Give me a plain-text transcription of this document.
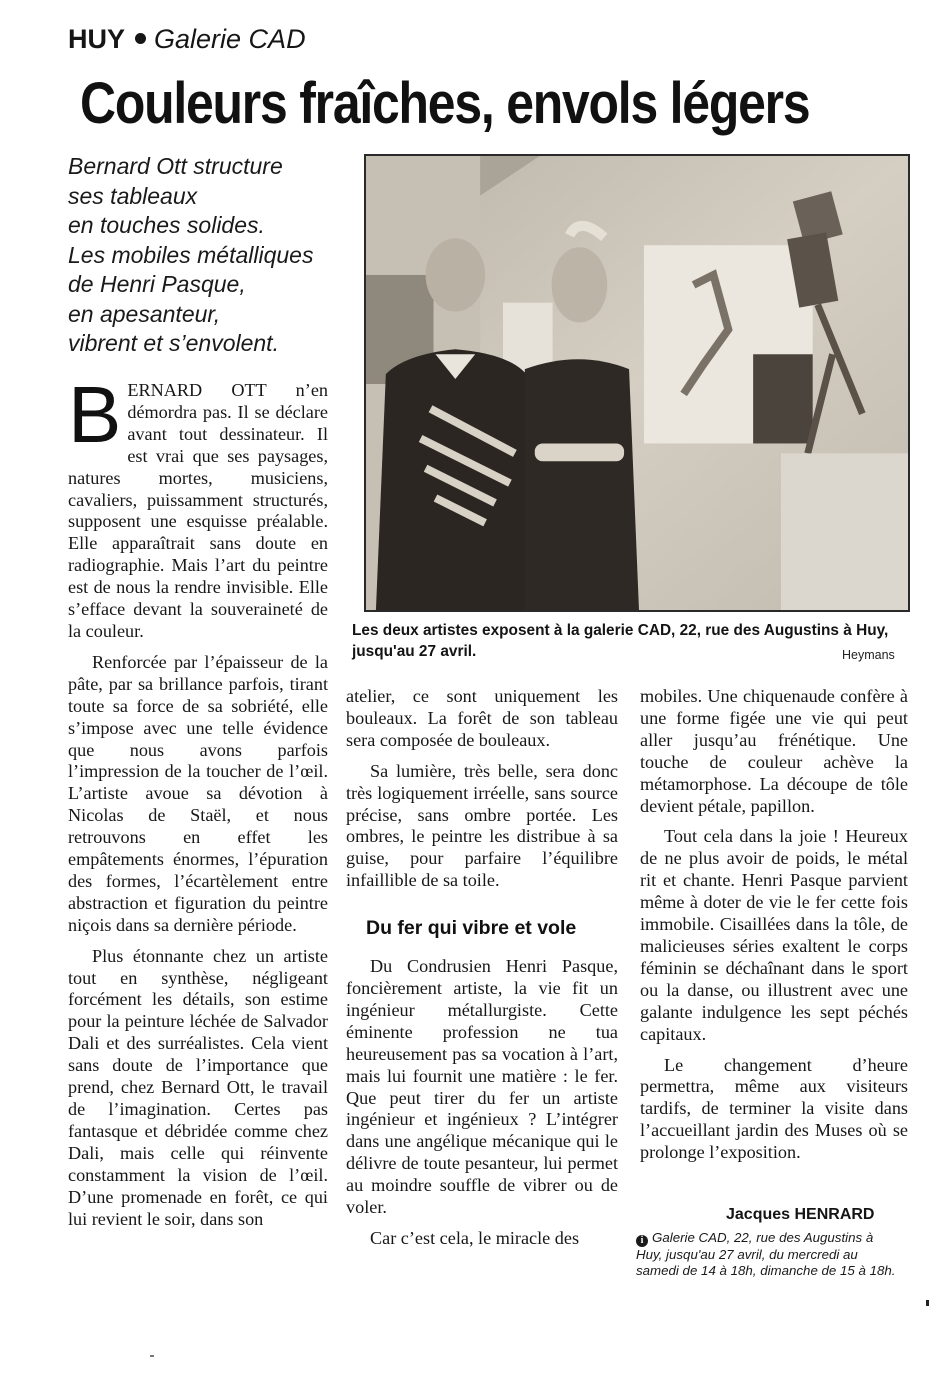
HUY Galerie CAD
Couleurs fraîches, envols légers
Bernard Ott structure
ses tableaux
en touches solides.
Les mobiles métalliques
de Henri Pasque,
en apesanteur,
vibrent et s’envolent.
Les deux artistes exposent à la galerie CAD, 22, rue des Augustins à Huy, jusqu'au 27 avril.	Heymans

BERNARD OTT n’en démordra pas. Il se déclare avant tout dessinateur. Il est vrai que ses paysages, natures mortes, musiciens, cavaliers, puissamment structurés, supposent une esquisse préalable. Elle apparaîtrait sans doute en radiographie. Mais l’art du peintre est de nous la rendre invisible. Elle s’efface devant la souveraineté de la couleur.

Renforcée par l’épaisseur de la pâte, par sa brillance parfois, tirant toute sa force de sa sobriété, elle s’impose avec une telle évidence que nous avons parfois l’impression de la toucher de l’œil. L’artiste avoue sa dévotion à Nicolas de Staël, et nous retrouvons en effet les empâtements énormes, l’épuration des formes, l’écartèlement entre abstraction et figuration du peintre niçois dans sa dernière période.

Plus étonnante chez un artiste tout en synthèse, négligeant forcément les détails, son estime pour la peinture léchée de Salvador Dali et des surréalistes. Cela vient sans doute de l’importance que prend, chez Bernard Ott, le travail de l’imagination. Certes pas fantasque et débridée comme chez Dali, mais celle qui réinvente constamment la vision de l’œil. D’une promenade en forêt, ce qui lui revient le soir, dans son

atelier, ce sont uniquement les bouleaux. La forêt de son tableau sera composée de bouleaux.

Sa lumière, très belle, sera donc très logiquement irréelle, sans source précise, sans ombre portée. Les ombres, le peintre les distribue à sa guise, pour parfaire l’équilibre infaillible de sa toile.

Du fer qui vibre et vole

Du Condrusien Henri Pasque, foncièrement artiste, la vie fit un ingénieur métallurgiste. Cette éminente profession ne tua heureusement pas sa vocation à l’art, mais lui fournit une matière : le fer. Que peut tirer du fer un artiste ingénieur et ingénieux ? L’intégrer dans une angélique mécanique qui le délivre de toute pesanteur, lui permet au moindre souffle de vibrer ou de voler.

Car c’est cela, le miracle des

mobiles. Une chiquenaude confère à une forme figée une vie qui peut aller jusqu’au frénétique. Une touche de couleur achève la métamorphose. La découpe de tôle devient pétale, papillon.

Tout cela dans la joie ! Heureux de ne plus avoir de poids, le métal rit et chante. Henri Pasque parvient même à doter de vie le fer cette fois immobile. Cisaillées dans la tôle, de malicieuses séries exaltent le corps féminin se déchaînant dans le sport ou la danse, ou illustrent avec une galante indulgence les sept péchés capitaux.

Le changement d’heure permettra, même aux visiteurs tardifs, de terminer la visite dans l’accueillant jardin des Muses où se prolonge l’exposition.

Jacques HENRARD
i Galerie CAD, 22, rue des Augustins à Huy, jusqu'au 27 avril, du mercredi au samedi de 14 à 18h, dimanche de 15 à 18h.
